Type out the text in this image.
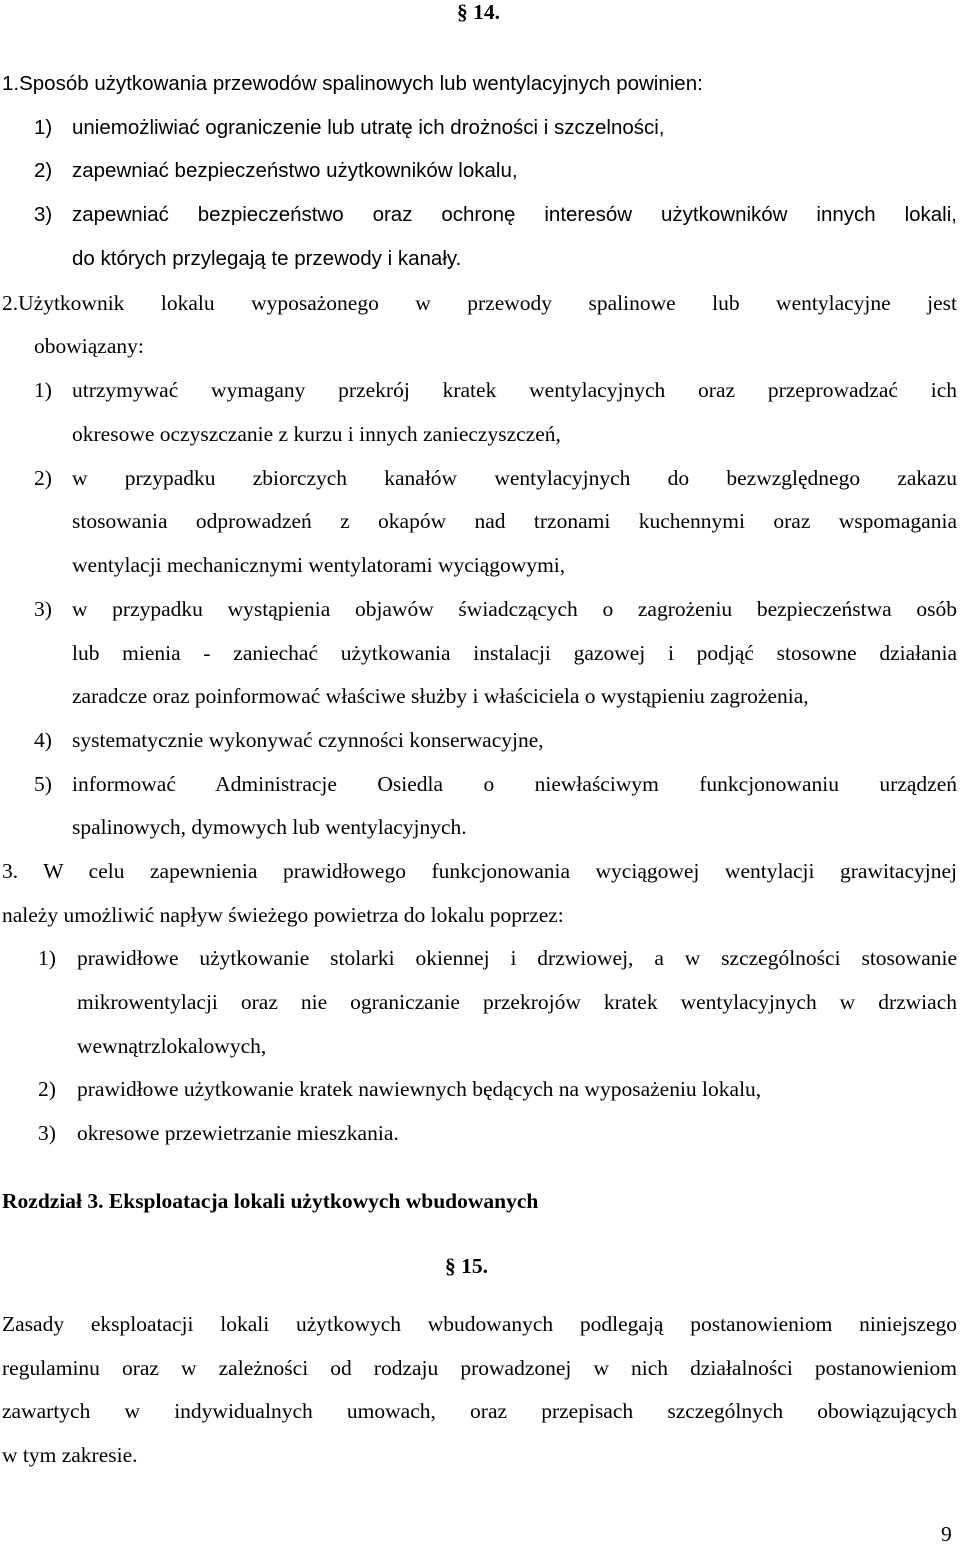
§ 14.
1.Sposób użytkowania przewodów spalinowych lub wentylacyjnych powinien:
1) uniemożliwiać ograniczenie lub utratę ich drożności i szczelności,
2) zapewniać bezpieczeństwo użytkowników lokalu,
3) zapewniać bezpieczeństwo oraz ochronę interesów użytkowników innych lokali,
do których przylegają te przewody i kanały.
2.Użytkownik lokalu wyposażonego w przewody spalinowe lub wentylacyjne jest
obowiązany:
1) utrzymywać wymagany przekrój kratek wentylacyjnych oraz przeprowadzać ich
okresowe oczyszczanie z kurzu i innych zanieczyszczeń,
2) w przypadku zbiorczych kanałów wentylacyjnych do bezwzględnego zakazu
stosowania odprowadzeń z okapów nad trzonami kuchennymi oraz wspomagania
wentylacji mechanicznymi wentylatorami wyciągowymi,
3) w przypadku wystąpienia objawów świadczących o zagrożeniu bezpieczeństwa osób
lub mienia - zaniechać użytkowania instalacji gazowej i podjąć stosowne działania
zaradcze oraz poinformować właściwe służby i właściciela o wystąpieniu zagrożenia,
4) systematycznie wykonywać czynności konserwacyjne,
5) informować Administracje Osiedla o niewłaściwym funkcjonowaniu urządzeń
spalinowych, dymowych lub wentylacyjnych.
3. W celu zapewnienia prawidłowego funkcjonowania wyciągowej wentylacji grawitacyjnej
należy umożliwić napływ świeżego powietrza do lokalu poprzez:
1) prawidłowe użytkowanie stolarki okiennej i drzwiowej, a w szczególności stosowanie
mikrowentylacji oraz nie ograniczanie przekrojów kratek wentylacyjnych w drzwiach
wewnątrzlokalowych,
2) prawidłowe użytkowanie kratek nawiewnych będących na wyposażeniu lokalu,
3) okresowe przewietrzanie mieszkania.
Rozdział 3. Eksploatacja lokali użytkowych wbudowanych
§ 15.
Zasady eksploatacji lokali użytkowych wbudowanych podlegają postanowieniom niniejszego
regulaminu oraz w zależności od rodzaju prowadzonej w nich działalności postanowieniom
zawartych w indywidualnych umowach, oraz przepisach szczególnych obowiązujących
w tym zakresie.
9
